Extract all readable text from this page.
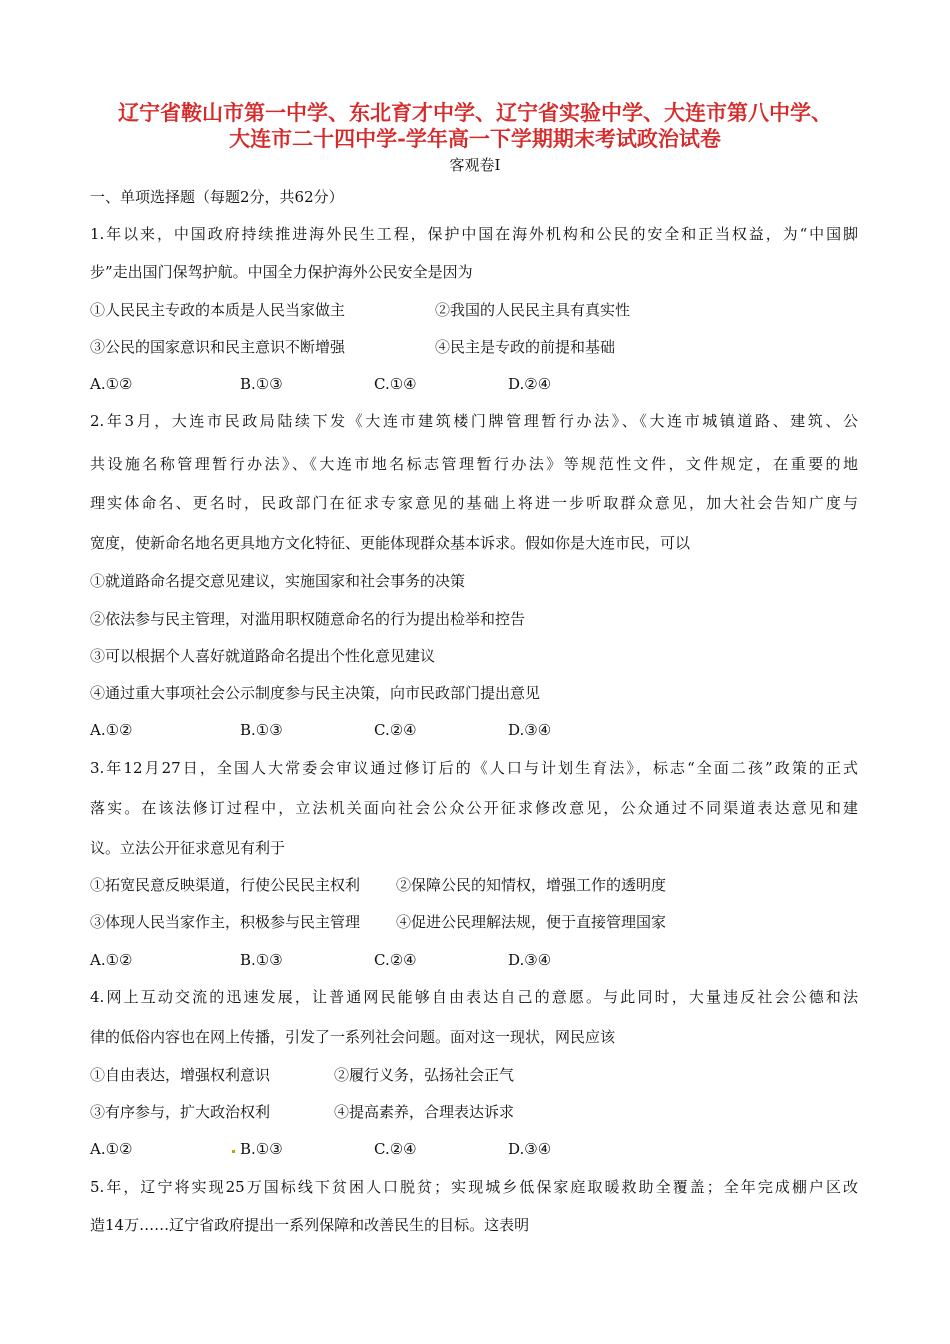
辽宁省鞍山市第一中学、东北育才中学、辽宁省实验中学、大连市第八中学、
大连市二十四中学-学年高一下学期期末考试政治试卷
客观卷Ⅰ
一、单项选择题（每题2分，共62分）
1.年以来，中国政府持续推进海外民生工程，保护中国在海外机构和公民的安全和正当权益，为“中国脚
步”走出国门保驾护航。中国全力保护海外公民安全是因为
①人民民主专政的本质是人民当家做主	②我国的人民民主具有真实性
③公民的国家意识和民主意识不断增强	④民主是专政的前提和基础
A.①②	B.①③	C.①④	D.②④
2.年3月，大连市民政局陆续下发《大连市建筑楼门牌管理暂行办法》、《大连市城镇道路、建筑、公
共设施名称管理暂行办法》、《大连市地名标志管理暂行办法》等规范性文件，文件规定，在重要的地
理实体命名、更名时，民政部门在征求专家意见的基础上将进一步听取群众意见，加大社会告知广度与
宽度，使新命名地名更具地方文化特征、更能体现群众基本诉求。假如你是大连市民，可以
①就道路命名提交意见建议，实施国家和社会事务的决策
②依法参与民主管理，对滥用职权随意命名的行为提出检举和控告
③可以根据个人喜好就道路命名提出个性化意见建议
④通过重大事项社会公示制度参与民主决策，向市民政部门提出意见
A.①②	B.①③	C.②④	D.③④
3.年12月27日，全国人大常委会审议通过修订后的《人口与计划生育法》，标志“全面二孩”政策的正式
落实。在该法修订过程中，立法机关面向社会公众公开征求修改意见，公众通过不同渠道表达意见和建
议。立法公开征求意见有利于
①拓宽民意反映渠道，行使公民民主权利 ②保障公民的知情权，增强工作的透明度
③体现人民当家作主，积极参与民主管理 ④促进公民理解法规，便于直接管理国家
A.①②	B.①③	C.②④	D.③④
4.网上互动交流的迅速发展，让普通网民能够自由表达自己的意愿。与此同时，大量违反社会公德和法
律的低俗内容也在网上传播，引发了一系列社会问题。面对这一现状，网民应该
①自由表达，增强权利意识	②履行义务，弘扬社会正气
③有序参与，扩大政治权利	④提高素养，合理表达诉求
A.①②	B.①③	C.②④	D.③④
5.年，辽宁将实现25万国标线下贫困人口脱贫；实现城乡低保家庭取暖救助全覆盖；全年完成棚户区改
造14万……辽宁省政府提出一系列保障和改善民生的目标。这表明
